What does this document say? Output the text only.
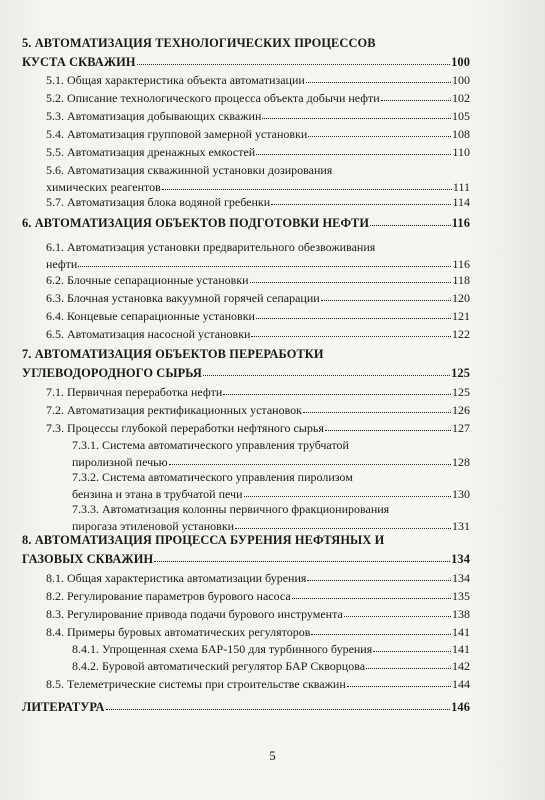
5. АВТОМАТИЗАЦИЯ ТЕХНОЛОГИЧЕСКИХ ПРОЦЕССОВ
КУСТА СКВАЖИН	100
5.1. Общая характеристика объекта автоматизации	100
5.2. Описание технологического процесса объекта добычи нефти	102
5.3. Автоматизация добывающих скважин	105
5.4. Автоматизация групповой замерной установки	108
5.5. Автоматизация дренажных емкостей	110
5.6. Автоматизация скважинной установки дозирования
химических реагентов	111
5.7. Автоматизация блока водяной гребенки	114
6. АВТОМАТИЗАЦИЯ ОБЪЕКТОВ ПОДГОТОВКИ НЕФТИ	116
6.1. Автоматизация установки предварительного обезвоживания
нефти	116
6.2. Блочные сепарационные установки	118
6.3. Блочная установка вакуумной горячей сепарации	120
6.4. Концевые сепарационные установки	121
6.5. Автоматизация насосной установки	122
7. АВТОМАТИЗАЦИЯ ОБЪЕКТОВ ПЕРЕРАБОТКИ
УГЛЕВОДОРОДНОГО СЫРЬЯ	125
7.1. Первичная переработка нефти	125
7.2. Автоматизация ректификационных установок	126
7.3. Процессы глубокой переработки нефтяного сырья	127
7.3.1. Система автоматического управления трубчатой
пиролизной печью	128
7.3.2. Система автоматического управления пиролизом
бензина и этана в трубчатой печи	130
7.3.3. Автоматизация колонны первичного фракционирования
пирогаза этиленовой установки	131
8. АВТОМАТИЗАЦИЯ ПРОЦЕССА БУРЕНИЯ НЕФТЯНЫХ И
ГАЗОВЫХ СКВАЖИН	134
8.1. Общая характеристика автоматизации бурения	134
8.2. Регулирование параметров бурового насоса	135
8.3. Регулирование привода подачи бурового инструмента	138
8.4. Примеры буровых автоматических регуляторов	141
8.4.1. Упрощенная схема БАР-150 для турбинного бурения	141
8.4.2. Буровой автоматический регулятор БАР Скворцова	142
8.5. Телеметрические системы при строительстве скважин	144
ЛИТЕРАТУРА	146
5
